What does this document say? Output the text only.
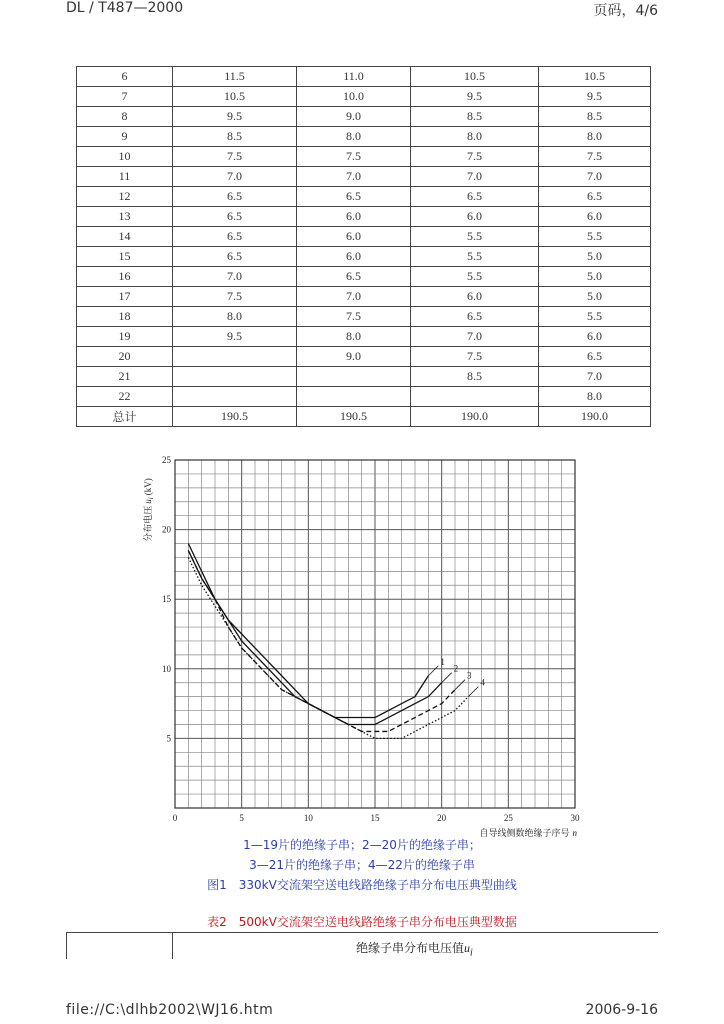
DL / T487—2000	页码，4/6
6	11.5	11.0	10.5	10.5
7	10.5	10.0	9.5	9.5
8	9.5	9.0	8.5	8.5
9	8.5	8.0	8.0	8.0
10	7.5	7.5	7.5	7.5
11	7.0	7.0	7.0	7.0
12	6.5	6.5	6.5	6.5
13	6.5	6.0	6.0	6.0
14	6.5	6.0	5.5	5.5
15	6.5	6.0	5.5	5.0
16	7.0	6.5	5.5	5.0
17	7.5	7.0	6.0	5.0
18	8.0	7.5	6.5	5.5
19	9.5	8.0	7.0	6.0
20		9.0	7.5	6.5
21			8.5	7.0
22				8.0
总计	190.5	190.5	190.0	190.0
0	5	10	15	20	25	30
5
10
15
20
25
自导线侧数绝缘子序号 n
分布电压$u_i(kV)$
1
2
3
4
1—19片的绝缘子串；2—20片的绝缘子串；
3—21片的绝缘子串；4—22片的绝缘子串
图1　330kV交流架空送电线路绝缘子串分布电压典型曲线
表2　500kV交流架空送电线路绝缘子串分布电压典型数据
绝缘子串分布电压值$u_i$
file://C:\dlhb2002\WJ16.htm	2006-9-16
